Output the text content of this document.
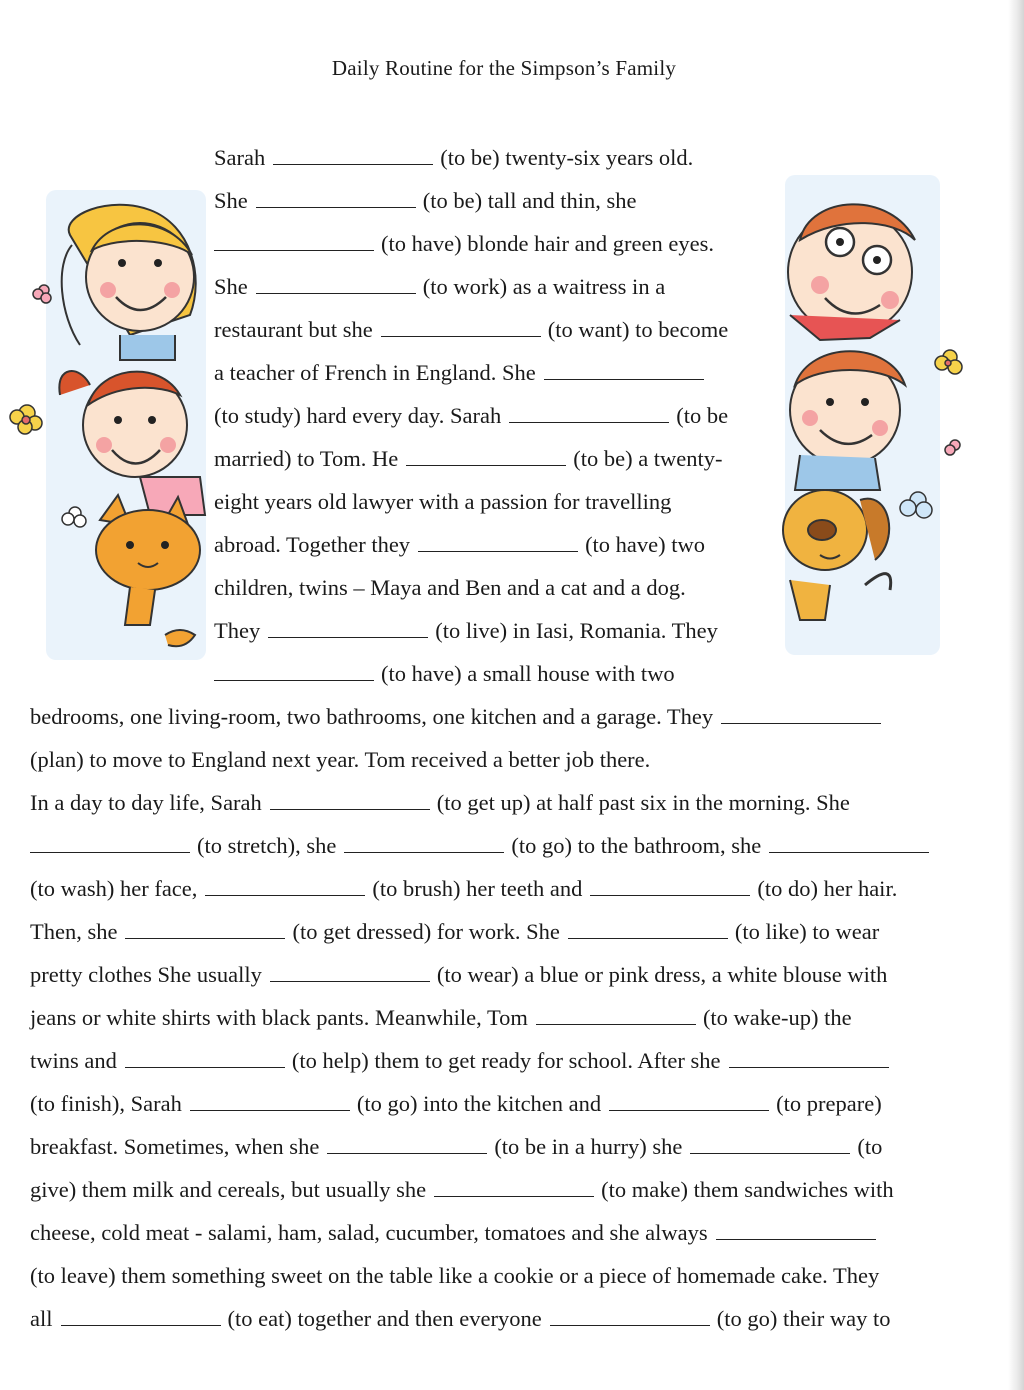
Daily Routine for the Simpson’s Family
Sarah	(to be) twenty-six years old.
She	(to be) tall and thin, she
(to have) blonde hair and green eyes.
She	(to work) as a waitress in a
restaurant but she	(to want) to become
a teacher of French in England. She
(to study) hard every day. Sarah	(to be
married) to Tom. He	(to be) a twenty-
eight years old lawyer with a passion for travelling
abroad. Together they	(to have) two
children, twins – Maya and Ben and a cat and a dog.
They	(to live) in Iasi, Romania. They
(to have) a small house with two
bedrooms, one living-room, two bathrooms, one kitchen and a garage. They
(plan) to move to England next year. Tom received a better job there.
In a day to day life, Sarah	(to get up) at half past six in the morning. She
(to stretch), she	(to go) to the bathroom, she
(to wash) her face,	(to brush) her teeth and	(to do) her hair.
Then, she	(to get dressed) for work. She	(to like) to wear
pretty clothes She usually	(to wear) a blue or pink dress, a white blouse with
jeans or white shirts with black pants. Meanwhile, Tom	(to wake-up) the
twins and	(to help) them to get ready for school. After she
(to finish), Sarah	(to go) into the kitchen and	(to prepare)
breakfast. Sometimes, when she	(to be in a hurry) she	(to
give) them milk and cereals, but usually she	(to make) them sandwiches with
cheese, cold meat - salami, ham, salad, cucumber, tomatoes and she always
(to leave) them something sweet on the table like a cookie or a piece of homemade cake. They
all	(to eat) together and then everyone	(to go) their way to
